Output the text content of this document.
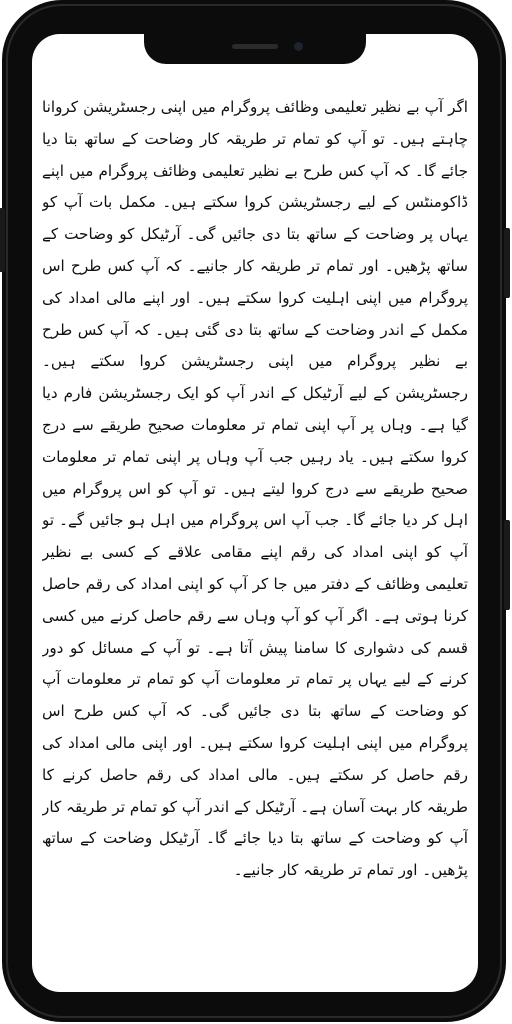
اگر آپ بے نظیر تعلیمی وظائف پروگرام میں اپنی رجسٹریشن کروانا چاہتے ہیں۔ تو آپ کو تمام تر طریقہ کار وضاحت کے ساتھ بتا دیا جائے گا۔ کہ آپ کس طرح بے نظیر تعلیمی وظائف پروگرام میں اپنے ڈاکومنٹس کے لیے رجسٹریشن کروا سکتے ہیں۔ مکمل بات آپ کو یہاں پر وضاحت کے ساتھ بتا دی جائیں گی۔ آرٹیکل کو وضاحت کے ساتھ پڑھیں۔ اور تمام تر طریقہ کار جانیے۔ کہ آپ کس طرح اس پروگرام میں اپنی اہلیت کروا سکتے ہیں۔ اور اپنے مالی امداد کی مکمل کے اندر وضاحت کے ساتھ بتا دی گئی ہیں۔ کہ آپ کس طرح بے نظیر پروگرام میں اپنی رجسٹریشن کروا سکتے ہیں۔ رجسٹریشن کے لیے آرٹیکل کے اندر آپ کو ایک رجسٹریشن فارم دیا گیا ہے۔ وہاں پر آپ اپنی تمام تر معلومات صحیح طریقے سے درج کروا سکتے ہیں۔ یاد رہیں جب آپ وہاں پر اپنی تمام تر معلومات صحیح طریقے سے درج کروا لیتے ہیں۔ تو آپ کو اس پروگرام میں اہل کر دیا جائے گا۔ جب آپ اس پروگرام میں اہل ہو جائیں گے۔ تو آپ کو اپنی امداد کی رقم اپنے مقامی علاقے کے کسی بے نظیر تعلیمی وظائف کے دفتر میں جا کر آپ کو اپنی امداد کی رقم حاصل کرنا ہوتی ہے۔ اگر آپ کو آپ وہاں سے رقم حاصل کرنے میں کسی قسم کی دشواری کا سامنا پیش آتا ہے۔ تو آپ کے مسائل کو دور کرنے کے لیے یہاں پر تمام تر معلومات آپ کو تمام تر معلومات آپ کو وضاحت کے ساتھ بتا دی جائیں گی۔ کہ آپ کس طرح اس پروگرام میں اپنی اہلیت کروا سکتے ہیں۔ اور اپنی مالی امداد کی رقم حاصل کر سکتے ہیں۔ مالی امداد کی رقم حاصل کرنے کا طریقہ کار بہت آسان ہے۔ آرٹیکل کے اندر آپ کو تمام تر طریقہ کار آپ کو وضاحت کے ساتھ بتا دیا جائے گا۔ آرٹیکل وضاحت کے ساتھ پڑھیں۔ اور تمام تر طریقہ کار جانیے۔
